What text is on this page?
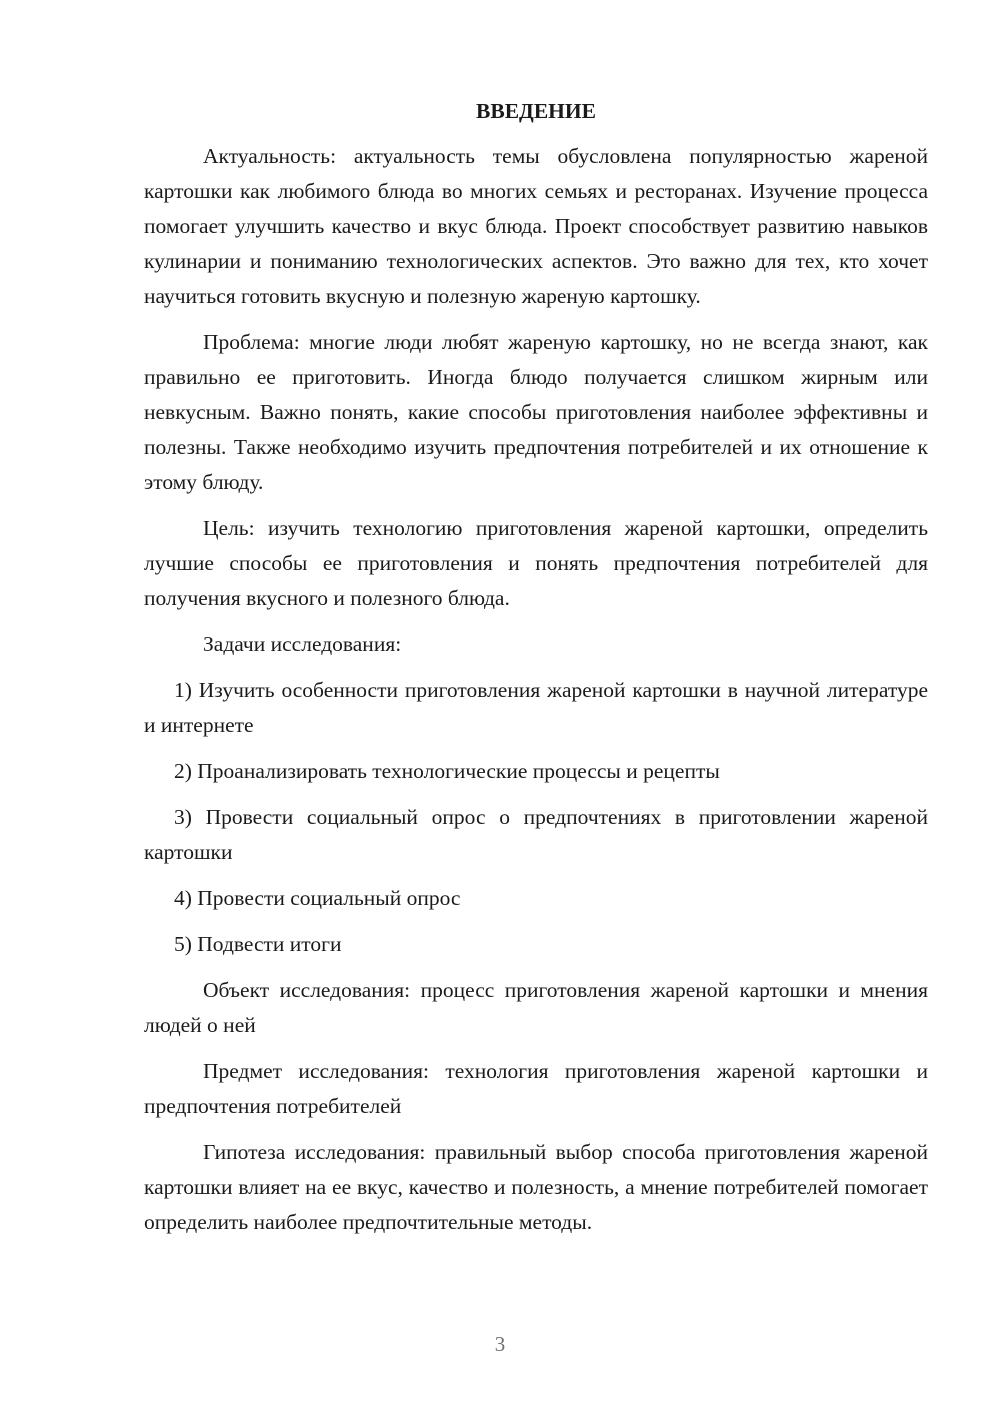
ВВЕДЕНИЕ

Актуальность: актуальность темы обусловлена популярностью жареной картошки как любимого блюда во многих семьях и ресторанах. Изучение процесса помогает улучшить качество и вкус блюда. Проект способствует развитию навыков кулинарии и пониманию технологических аспектов. Это важно для тех, кто хочет научиться готовить вкусную и полезную жареную картошку.

Проблема: многие люди любят жареную картошку, но не всегда знают, как правильно ее приготовить. Иногда блюдо получается слишком жирным или невкусным. Важно понять, какие способы приготовления наиболее эффективны и полезны. Также необходимо изучить предпочтения потребителей и их отношение к этому блюду.

Цель: изучить технологию приготовления жареной картошки, определить лучшие способы ее приготовления и понять предпочтения потребителей для получения вкусного и полезного блюда.

Задачи исследования:

1) Изучить особенности приготовления жареной картошки в научной литературе и интернете

2) Проанализировать технологические процессы и рецепты

3) Провести социальный опрос о предпочтениях в приготовлении жареной картошки

4) Провести социальный опрос

5) Подвести итоги

Объект исследования: процесс приготовления жареной картошки и мнения людей о ней

Предмет исследования: технология приготовления жареной картошки и предпочтения потребителей

Гипотеза исследования: правильный выбор способа приготовления жареной картошки влияет на ее вкус, качество и полезность, а мнение потребителей помогает определить наиболее предпочтительные методы.

3
